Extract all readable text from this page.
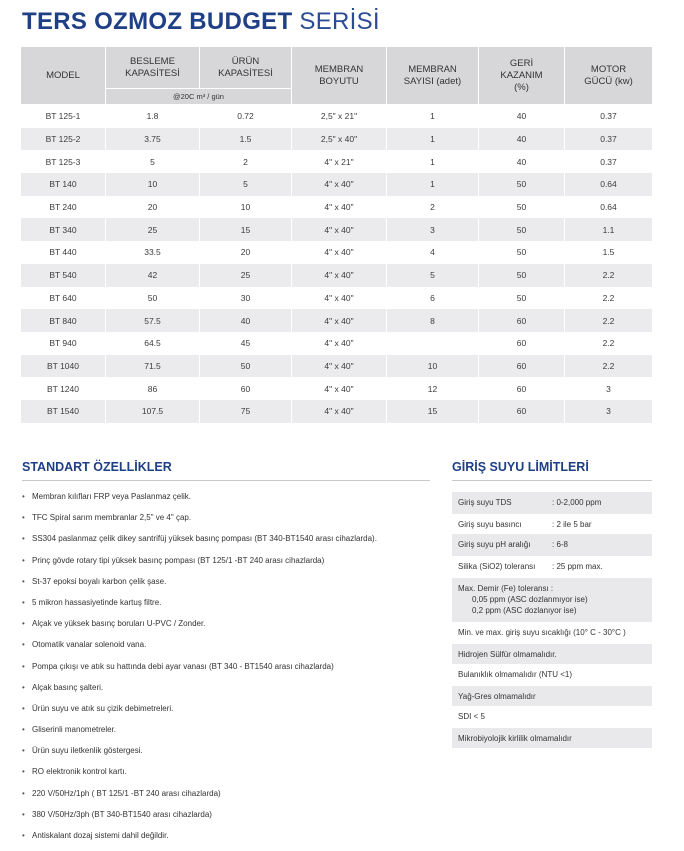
TERS OZMOZ BUDGET SERİSİ
MODEL	BESLEME KAPASİTESİ	ÜRÜN KAPASİTESİ	MEMBRAN BOYUTU	MEMBRAN SAYISI (adet)	GERİ KAZANIM (%)	MOTOR GÜCÜ (kw)
	@20C m³ / gün					
BT 125-1	1.8	0.72	2,5" x 21"	1	40	0.37
BT 125-2	3.75	1.5	2,5" x 40"	1	40	0.37
BT 125-3	5	2	4" x 21"	1	40	0.37
BT 140	10	5	4" x 40"	1	50	0.64
BT 240	20	10	4" x 40"	2	50	0.64
BT 340	25	15	4" x 40"	3	50	1.1
BT 440	33.5	20	4" x 40"	4	50	1.5
BT 540	42	25	4" x 40"	5	50	2.2
BT 640	50	30	4" x 40"	6	50	2.2
BT 840	57.5	40	4" x 40"	8	60	2.2
BT 940	64.5	45	4" x 40"		60	2.2
BT 1040	71.5	50	4" x 40"	10	60	2.2
BT 1240	86	60	4" x 40"	12	60	3
BT 1540	107.5	75	4" x 40"	15	60	3
STANDART ÖZELLİKLER
• Membran kılıfları FRP veya Paslanmaz çelik.
• TFC Spiral sarım membranlar 2,5" ve 4" çap.
• SS304 paslanmaz çelik dikey santrifüj yüksek basınç pompası (BT 340-BT1540 arası cihazlarda).
• Prinç gövde rotary tipi yüksek basınç pompası (BT 125/1 -BT 240 arası cihazlarda)
• St-37 epoksi boyalı karbon çelik şase.
• 5 mikron hassasiyetinde kartuş filtre.
• Alçak ve yüksek basınç boruları U-PVC / Zonder.
• Otomatik vanalar solenoid vana.
• Pompa çıkışı ve atık su hattında debi ayar vanası (BT 340 - BT1540 arası cihazlarda)
• Alçak basınç şalteri.
• Ürün suyu ve atık su çizik debimetreleri.
• Gliserinli manometreler.
• Ürün suyu iletkenlik göstergesi.
• RO elektronik kontrol kartı.
• 220 V/50Hz/1ph ( BT 125/1 -BT 240 arası cihazlarda)
• 380 V/50Hz/3ph (BT 340-BT1540 arası cihazlarda)
• Antiskalant dozaj sistemi dahil değildir.
GİRİŞ SUYU LİMİTLERİ
Giriş suyu TDS	: 0-2,000 ppm
Giriş suyu basıncı	: 2 ile 5 bar
Giriş suyu pH aralığı	: 6-8
Silika (SiO2) toleransı : 25 ppm max.
Max. Demir (Fe) toleransı :
0,05 ppm (ASC dozlanmıyor ise)
0,2 ppm (ASC dozlanıyor ise)
Min. ve max. giriş suyu sıcaklığı (10° C - 30°C )
Hidrojen Sülfür olmamalıdır.
Bulanıklık olmamalıdır (NTU <1)
Yağ-Gres olmamalıdır
SDI < 5
Mikrobiyolojik kirlilik olmamalıdır
